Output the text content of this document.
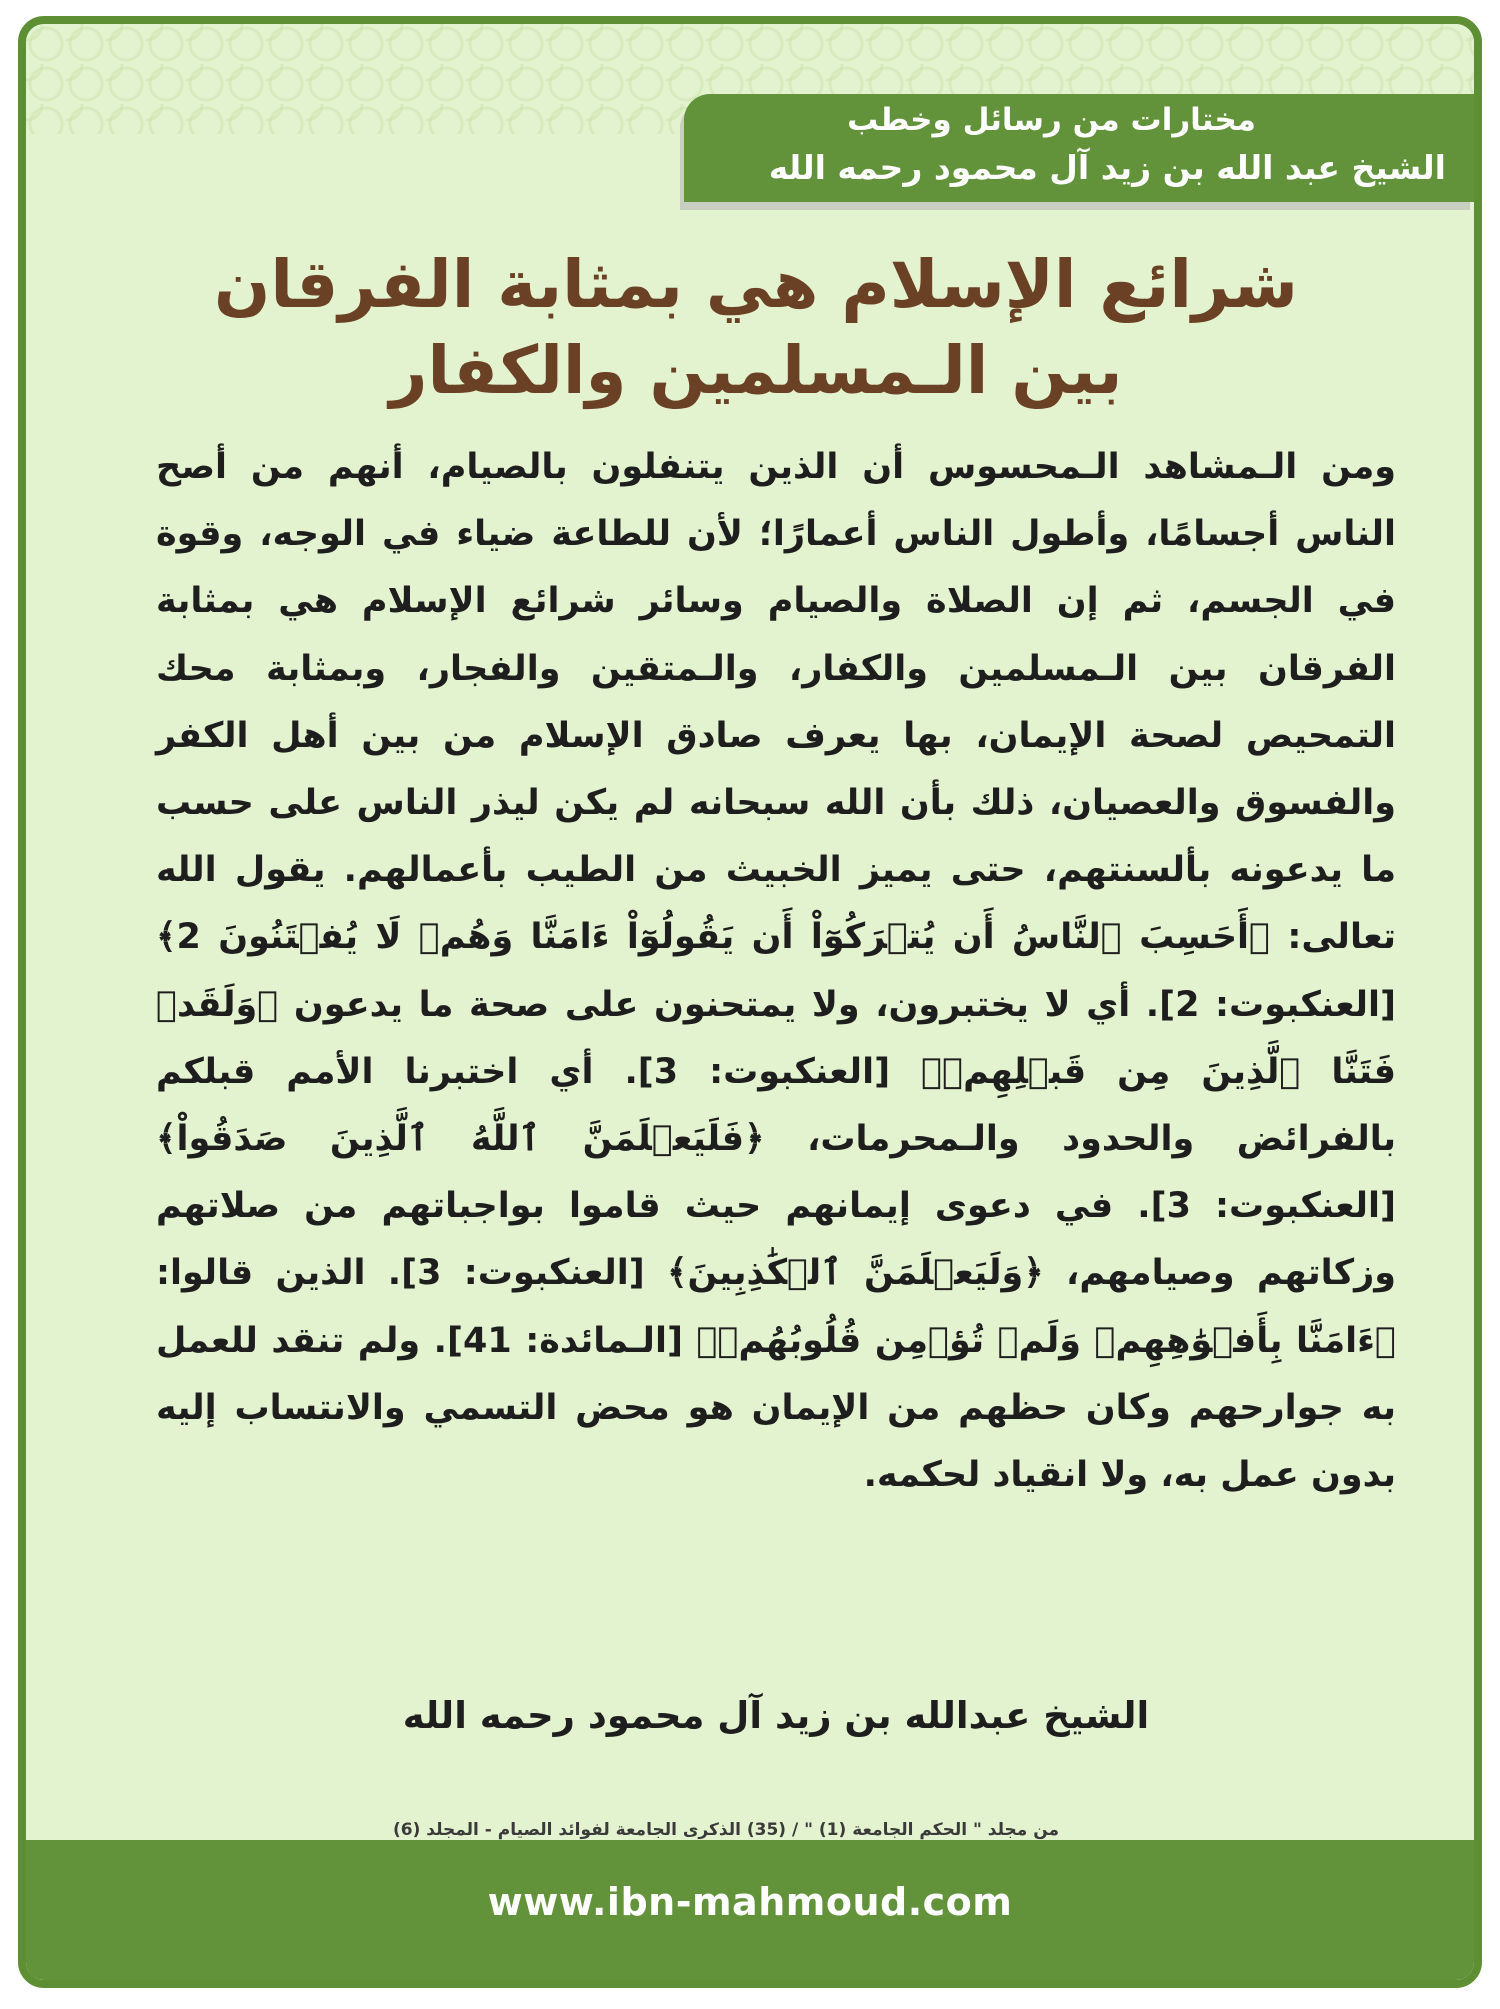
مختارات من رسائل وخطب
الشيخ عبد الله بن زيد آل محمود رحمه الله
شرائع الإسلام هي بمثابة الفرقان بين الـمسلمين والكفار
ومن الـمشاهد الـمحسوس أن الذين يتنفلون بالصيام، أنهم من أصح الناس أجسامًا، وأطول الناس أعمارًا؛ لأن للطاعة ضياء في الوجه، وقوة في الجسم، ثم إن الصلاة والصيام وسائر شرائع الإسلام هي بمثابة الفرقان بين الـمسلمين والكفار، والـمتقين والفجار، وبمثابة محك التمحيص لصحة الإيمان، بها يعرف صادق الإسلام من بين أهل الكفر والفسوق والعصيان، ذلك بأن الله سبحانه لم يكن ليذر الناس على حسب ما يدعونه بألسنتهم، حتى يميز الخبيث من الطيب بأعمالهم. يقول الله تعالى: ﴿أَحَسِبَ ٱلنَّاسُ أَن يُتۡرَكُوٓاْ أَن يَقُولُوٓاْ ءَامَنَّا وَهُمۡ لَا يُفۡتَنُونَ 2﴾ [العنكبوت: 2]. أي لا يختبرون، ولا يمتحنون على صحة ما يدعون ﴿وَلَقَدۡ فَتَنَّا ٱلَّذِينَ مِن قَبۡلِهِمۡ﴾ [العنكبوت: 3]. أي اختبرنا الأمم قبلكم بالفرائض والحدود والـمحرمات، ﴿فَلَيَعۡلَمَنَّ ٱللَّهُ ٱلَّذِينَ صَدَقُواْ﴾ [العنكبوت: 3]. في دعوى إيمانهم حيث قاموا بواجباتهم من صلاتهم وزكاتهم وصيامهم، ﴿وَلَيَعۡلَمَنَّ ٱلۡكَٰذِبِينَ﴾ [العنكبوت: 3]. الذين قالوا: ﴿ءَامَنَّا بِأَفۡوَٰهِهِمۡ وَلَمۡ تُؤۡمِن قُلُوبُهُمۡ﴾ [الـمائدة: 41]. ولم تنقد للعمل به جوارحهم وكان حظهم من الإيمان هو محض التسمي والانتساب إليه بدون عمل به، ولا انقياد لحكمه.
الشيخ عبدالله بن زيد آل محمود رحمه الله
من مجلد " الحكم الجامعة (1) " / (35) الذكرى الجامعة لفوائد الصيام - المجلد (6)
www.ibn-mahmoud.com
